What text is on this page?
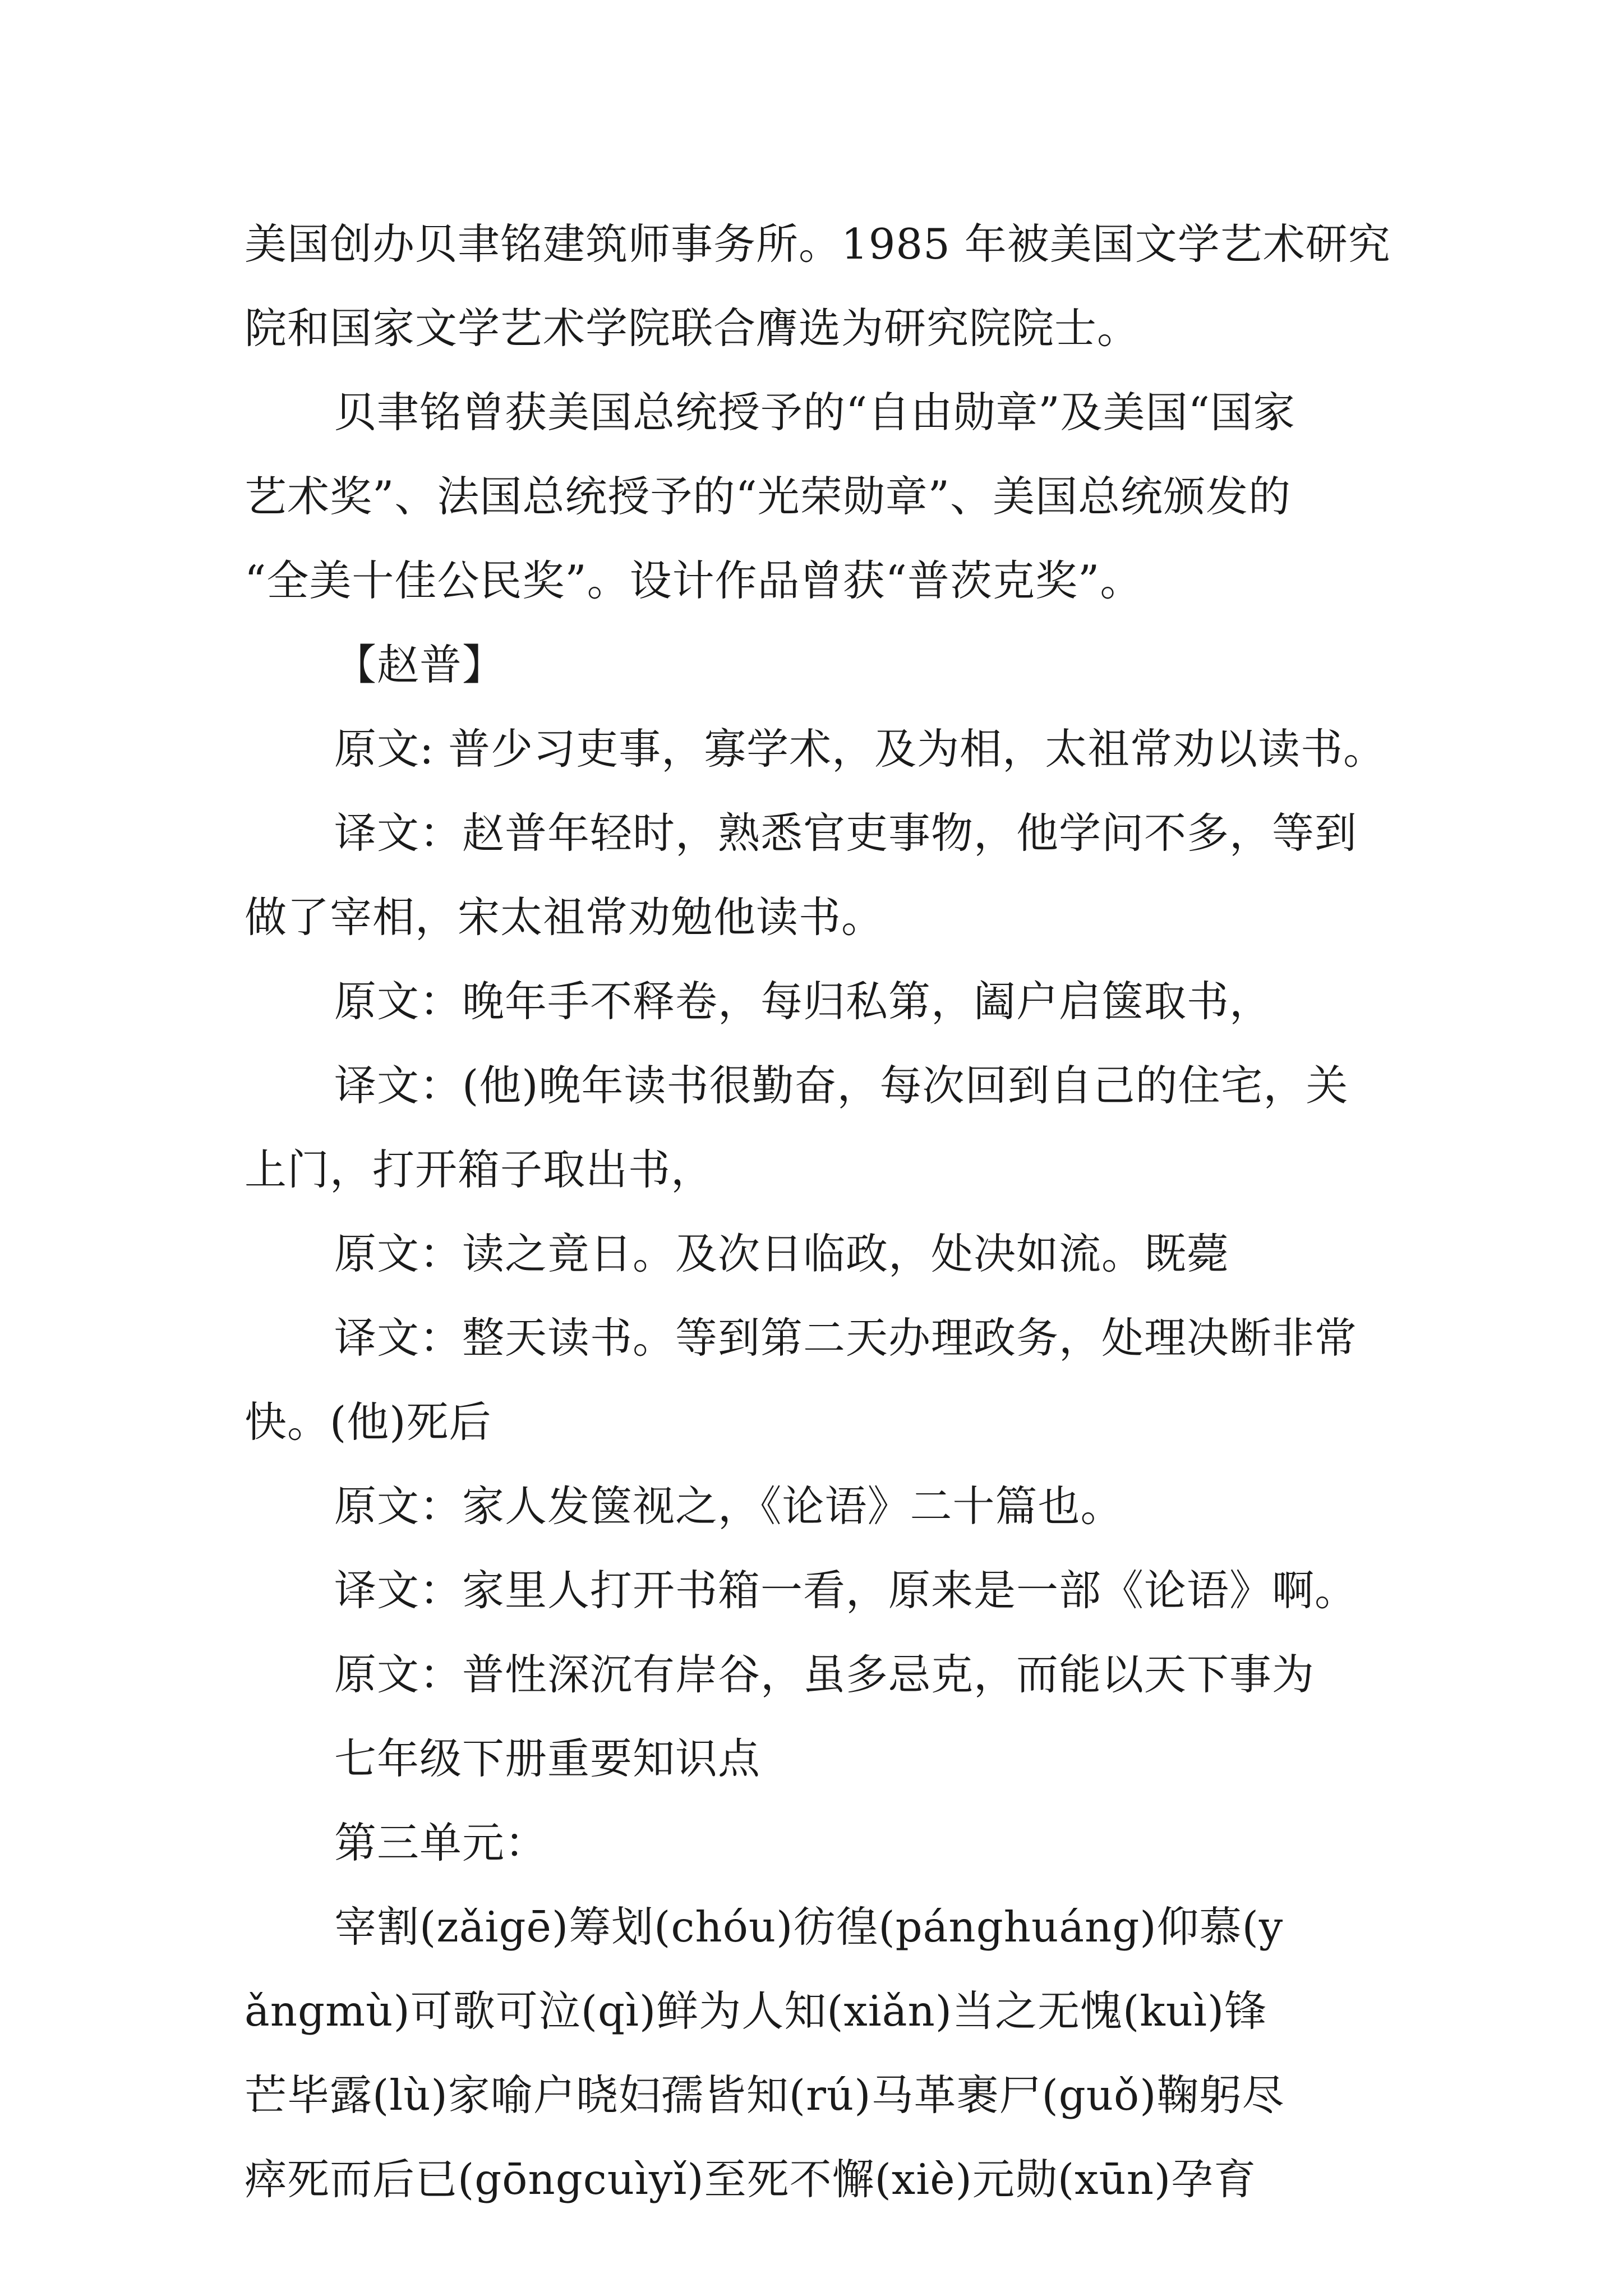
美国创办贝聿铭建筑师事务所。1985 年被美国文学艺术研究
院和国家文学艺术学院联合膺选为研究院院士。
贝聿铭曾获美国总统授予的“自由勋章”及美国“国家
艺术奖”、法国总统授予的“光荣勋章”、美国总统颁发的
“全美十佳公民奖”。设计作品曾获“普茨克奖”。
【赵普】
原文: 普少习吏事，寡学术，及为相，太祖常劝以读书。
译文：赵普年轻时，熟悉官吏事物，他学问不多，等到
做了宰相，宋太祖常劝勉他读书。
原文：晚年手不释卷，每归私第，阖户启箧取书，
译文：(他)晚年读书很勤奋，每次回到自己的住宅，关
上门，打开箱子取出书，
原文：读之竟日。及次日临政，处决如流。既薨
译文：整天读书。等到第二天办理政务，处理决断非常
快。(他)死后
原文：家人发箧视之，《论语》二十篇也。
译文：家里人打开书箱一看，原来是一部《论语》啊。
原文：普性深沉有岸谷，虽多忌克，而能以天下事为
七年级下册重要知识点
第三单元：
宰割(zǎigē)筹划(chóu)彷徨(pánghuáng)仰慕(y
ǎngmù)可歌可泣(qì)鲜为人知(xiǎn)当之无愧(kuì)锋
芒毕露(lù)家喻户晓妇孺皆知(rú)马革裹尸(guǒ)鞠躬尽
瘁死而后已(gōngcuìyǐ)至死不懈(xiè)元勋(xūn)孕育
